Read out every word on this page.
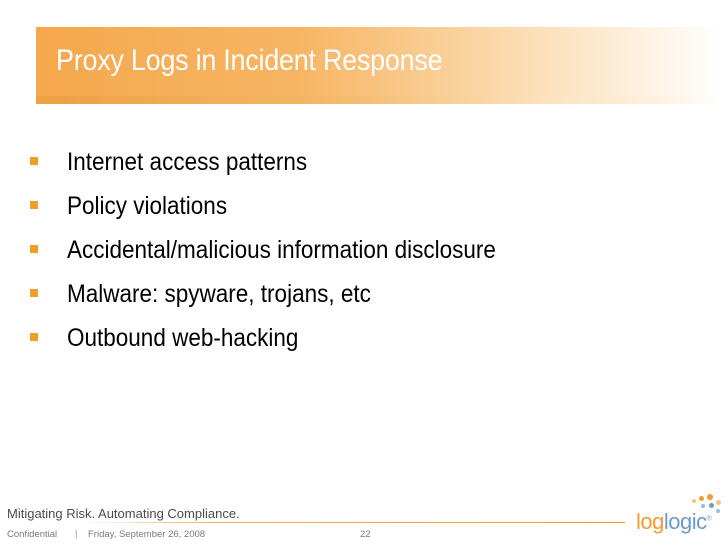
Proxy Logs in Incident Response
Internet access patterns
Policy violations
Accidental/malicious information disclosure
Malware: spyware, trojans, etc
Outbound web-hacking
Mitigating Risk. Automating Compliance.
Confidential | Friday, September 26, 2008	22
loglogic®
